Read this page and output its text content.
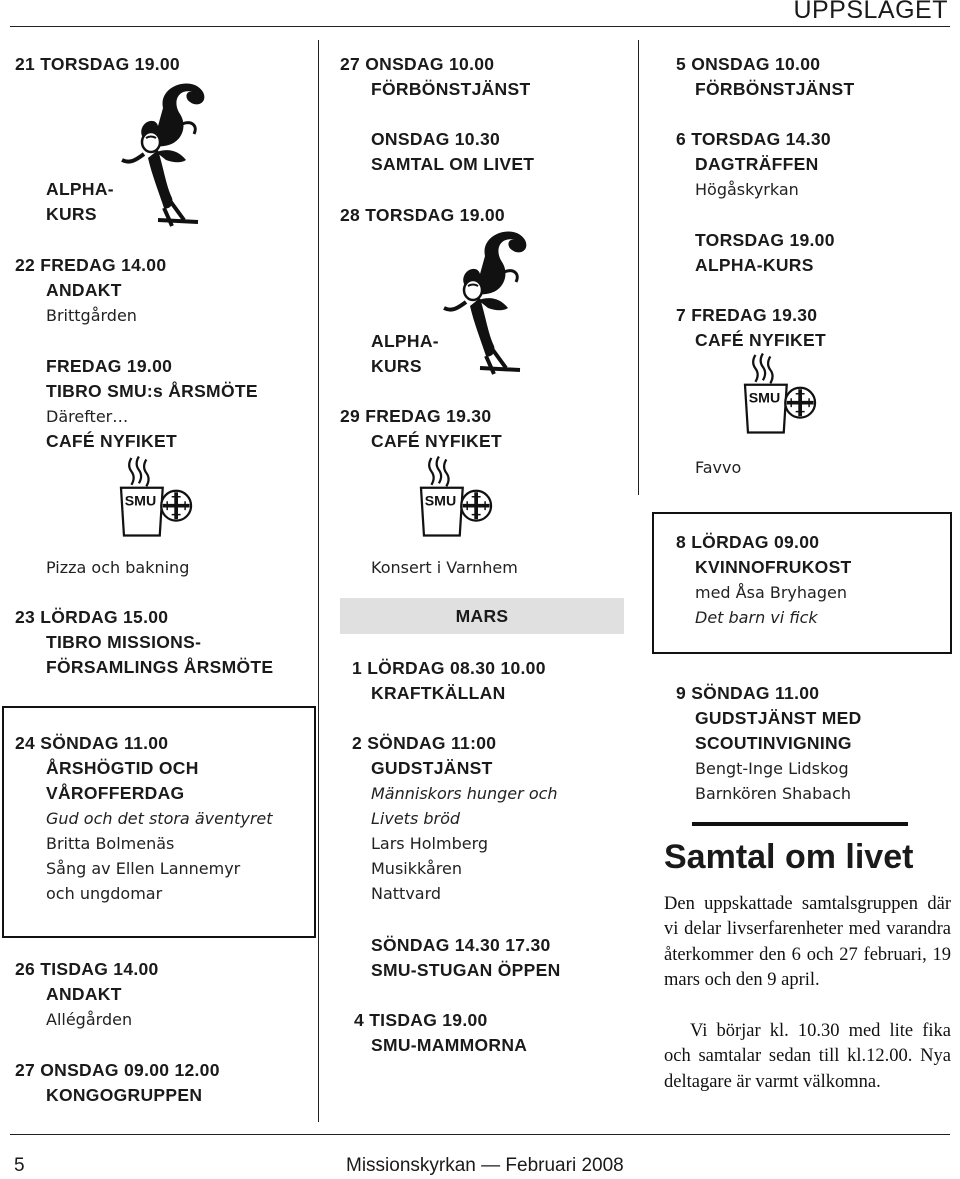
UPPSLAGET
21 TORSDAG 19.00
ALPHA-
KURS
22 FREDAG 14.00
ANDAKT
Brittgården
FREDAG 19.00
TIBRO SMU:s ÅRSMÖTE
Därefter…
CAFÉ NYFIKET
Pizza och bakning
23 LÖRDAG 15.00
TIBRO MISSIONS-
FÖRSAMLINGS ÅRSMÖTE
24 SÖNDAG 11.00
ÅRSHÖGTID OCH
VÅROFFERDAG
Gud och det stora äventyret
Britta Bolmenäs
Sång av Ellen Lannemyr
och ungdomar
26 TISDAG 14.00
ANDAKT
Allégården
27 ONSDAG 09.00 12.00
KONGOGRUPPEN
27 ONSDAG 10.00
FÖRBÖNSTJÄNST
ONSDAG 10.30
SAMTAL OM LIVET
28 TORSDAG 19.00
ALPHA-
KURS
29 FREDAG 19.30
CAFÉ NYFIKET
Konsert i Varnhem
MARS
1 LÖRDAG 08.30 10.00
KRAFTKÄLLAN
2 SÖNDAG 11:00
GUDSTJÄNST
Människors hunger och
Livets bröd
Lars Holmberg
Musikkåren
Nattvard
SÖNDAG 14.30 17.30
SMU-STUGAN ÖPPEN
4 TISDAG 19.00
SMU-MAMMORNA
5 ONSDAG 10.00
FÖRBÖNSTJÄNST
6 TORSDAG 14.30
DAGTRÄFFEN
Högåskyrkan
TORSDAG 19.00
ALPHA-KURS
7 FREDAG 19.30
CAFÉ NYFIKET
Favvo
8 LÖRDAG 09.00
KVINNOFRUKOST
med Åsa Bryhagen
Det barn vi fick
9 SÖNDAG 11.00
GUDSTJÄNST MED
SCOUTINVIGNING
Bengt-Inge Lidskog
Barnkören Shabach
Samtal om livet
Den uppskattade samtalsgruppen där vi delar livserfarenheter med varandra återkommer den 6 och 27 februari, 19 mars och den 9 april.
Vi börjar kl. 10.30 med lite fika och samtalar sedan till kl.12.00. Nya deltagare är varmt välkomna.
5	Missionskyrkan — Februari 2008
